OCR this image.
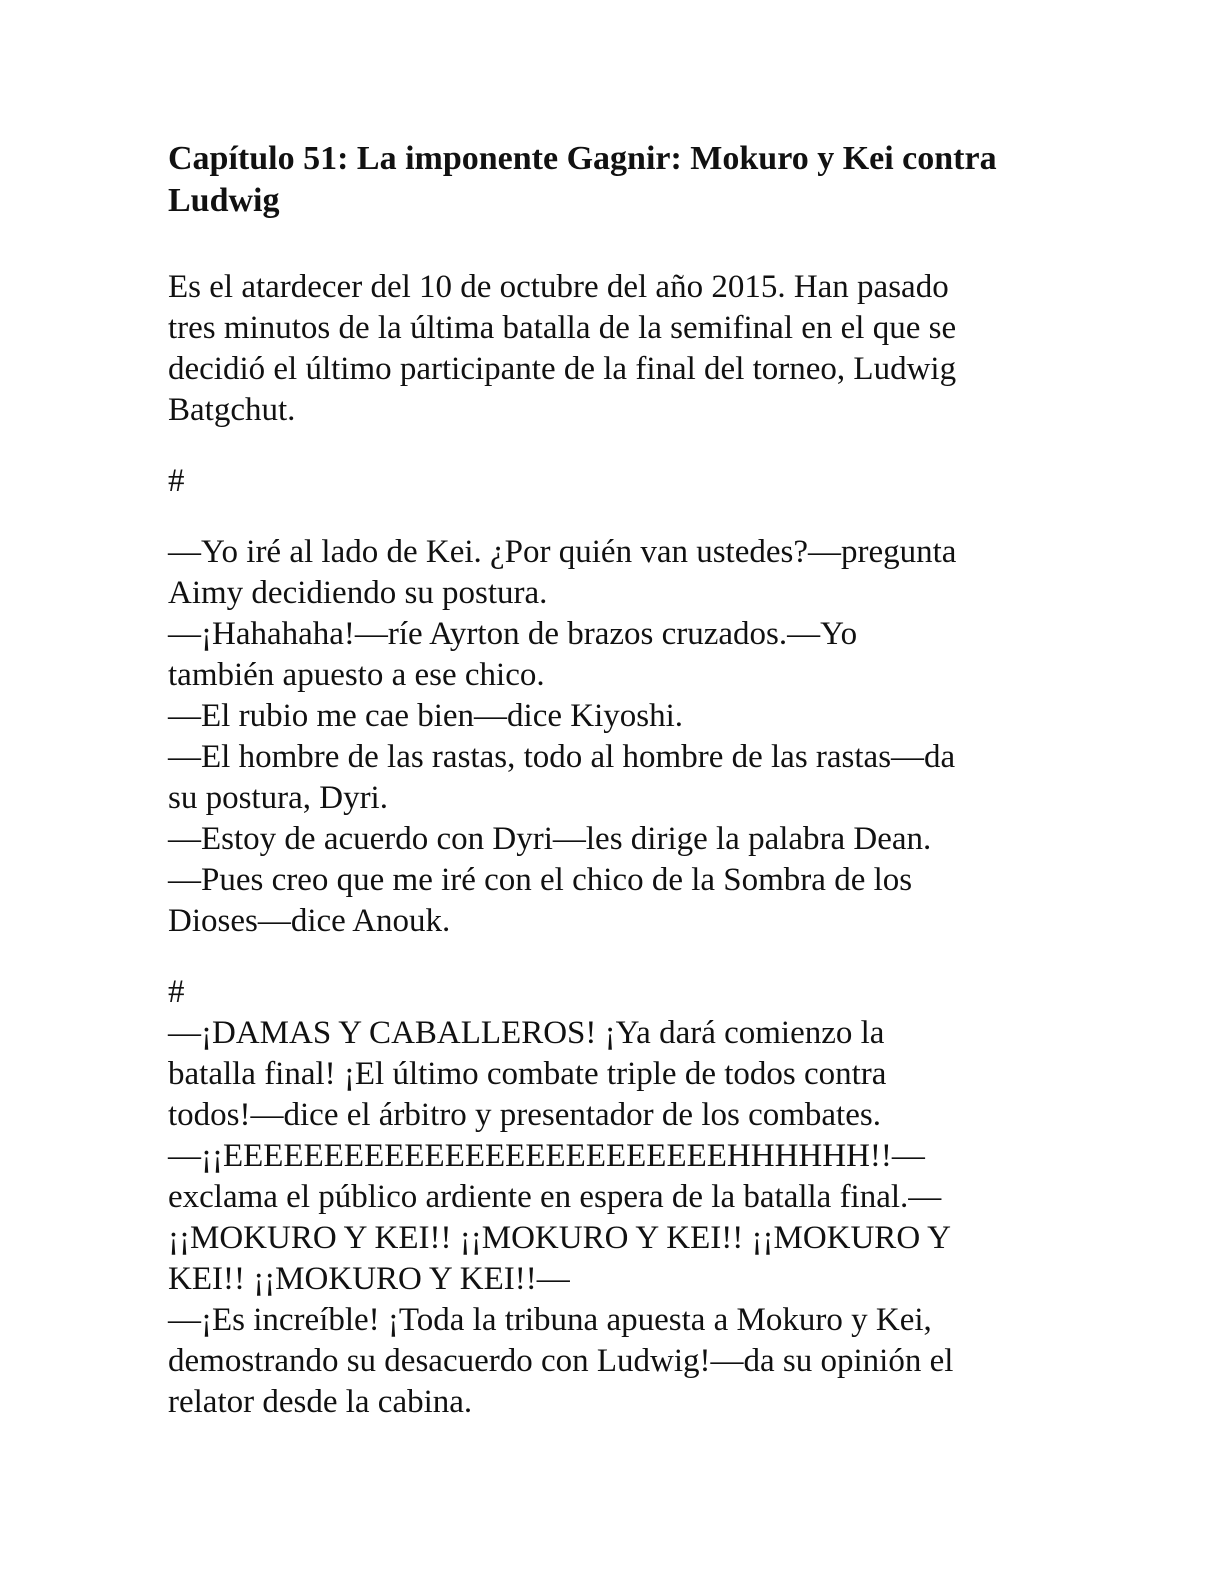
Capítulo 51: La imponente Gagnir: Mokuro y Kei contra
Ludwig
Es el atardecer del 10 de octubre del año 2015. Han pasado
tres minutos de la última batalla de la semifinal en el que se
decidió el último participante de la final del torneo, Ludwig
Batgchut.
#
—Yo iré al lado de Kei. ¿Por quién van ustedes?—pregunta
Aimy decidiendo su postura.
—¡Hahahaha!—ríe Ayrton de brazos cruzados.—Yo
también apuesto a ese chico.
—El rubio me cae bien—dice Kiyoshi.
—El hombre de las rastas, todo al hombre de las rastas—da
su postura, Dyri.
—Estoy de acuerdo con Dyri—les dirige la palabra Dean.
—Pues creo que me iré con el chico de la Sombra de los
Dioses—dice Anouk.
#
—¡DAMAS Y CABALLEROS! ¡Ya dará comienzo la
batalla final! ¡El último combate triple de todos contra
todos!—dice el árbitro y presentador de los combates.
—¡¡EEEEEEEEEEEEEEEEEEEEEEEEEHHHHHH!!—
exclama el público ardiente en espera de la batalla final.—
¡¡MOKURO Y KEI!! ¡¡MOKURO Y KEI!! ¡¡MOKURO Y
KEI!! ¡¡MOKURO Y KEI!!—
—¡Es increíble! ¡Toda la tribuna apuesta a Mokuro y Kei,
demostrando su desacuerdo con Ludwig!—da su opinión el
relator desde la cabina.
